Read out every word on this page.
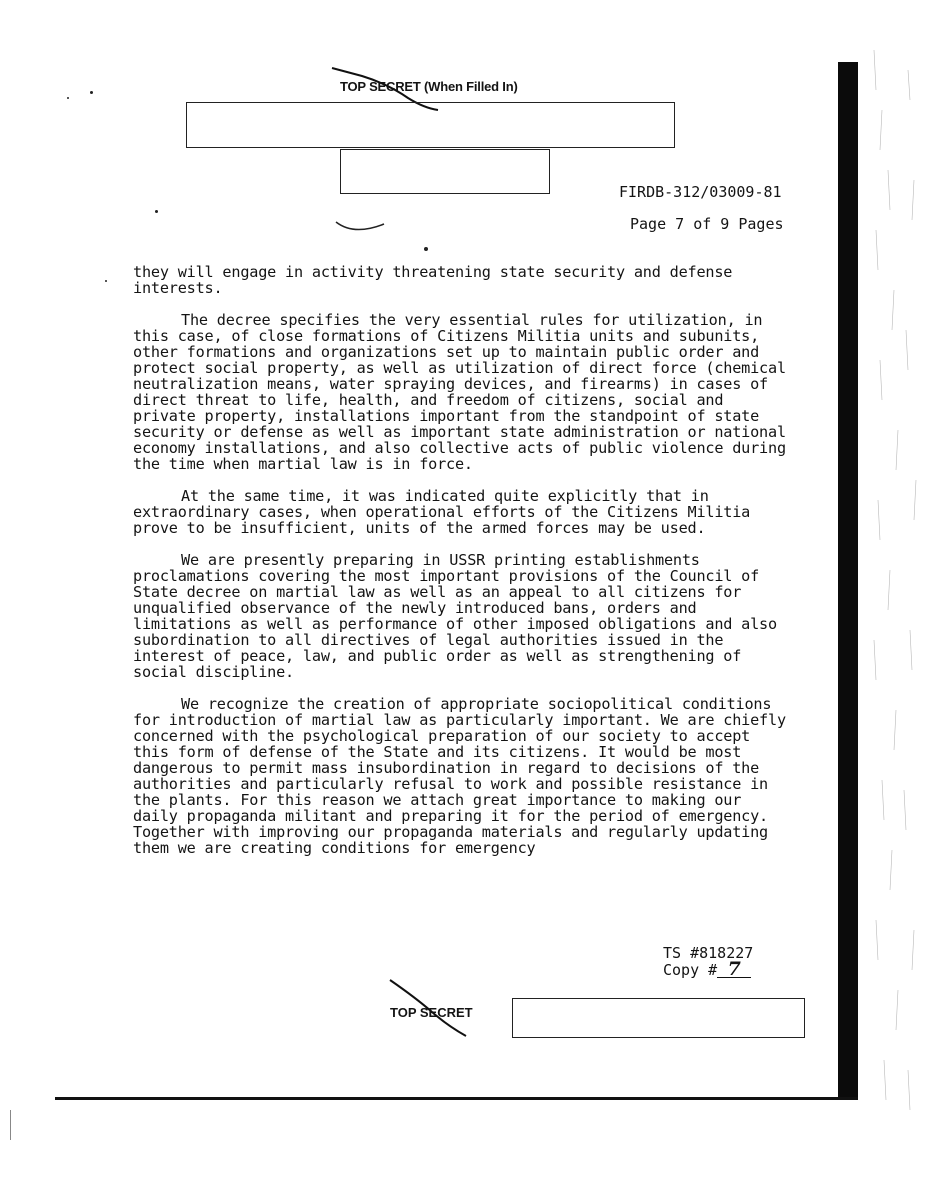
TOP SECRET (When Filled In)
FIRDB-312/03009-81
Page 7 of 9 Pages

they will engage in activity threatening state security and defense interests.

The decree specifies the very essential rules for utilization, in this case, of close formations of Citizens Militia units and subunits, other formations and organizations set up to maintain public order and protect social property, as well as utilization of direct force (chemical neutralization means, water spraying devices, and firearms) in cases of direct threat to life, health, and freedom of citizens, social and private property, installations important from the standpoint of state security or defense as well as important state administration or national economy installations, and also collective acts of public violence during the time when martial law is in force.

At the same time, it was indicated quite explicitly that in extraordinary cases, when operational efforts of the Citizens Militia prove to be insufficient, units of the armed forces may be used.

We are presently preparing in USSR printing establishments proclamations covering the most important provisions of the Council of State decree on martial law as well as an appeal to all citizens for unqualified observance of the newly introduced bans, orders and limitations as well as performance of other imposed obligations and also subordination to all directives of legal authorities issued in the interest of peace, law, and public order as well as strengthening of social discipline.

We recognize the creation of appropriate sociopolitical conditions for introduction of martial law as particularly important. We are chiefly concerned with the psychological preparation of our society to accept this form of defense of the State and its citizens. It would be most dangerous to permit mass insubordination in regard to decisions of the authorities and particularly refusal to work and possible resistance in the plants. For this reason we attach great importance to making our daily propaganda militant and preparing it for the period of emergency. Together with improving our propaganda materials and regularly updating them we are creating conditions for emergency

TS #818227
Copy # 7
TOP SECRET
